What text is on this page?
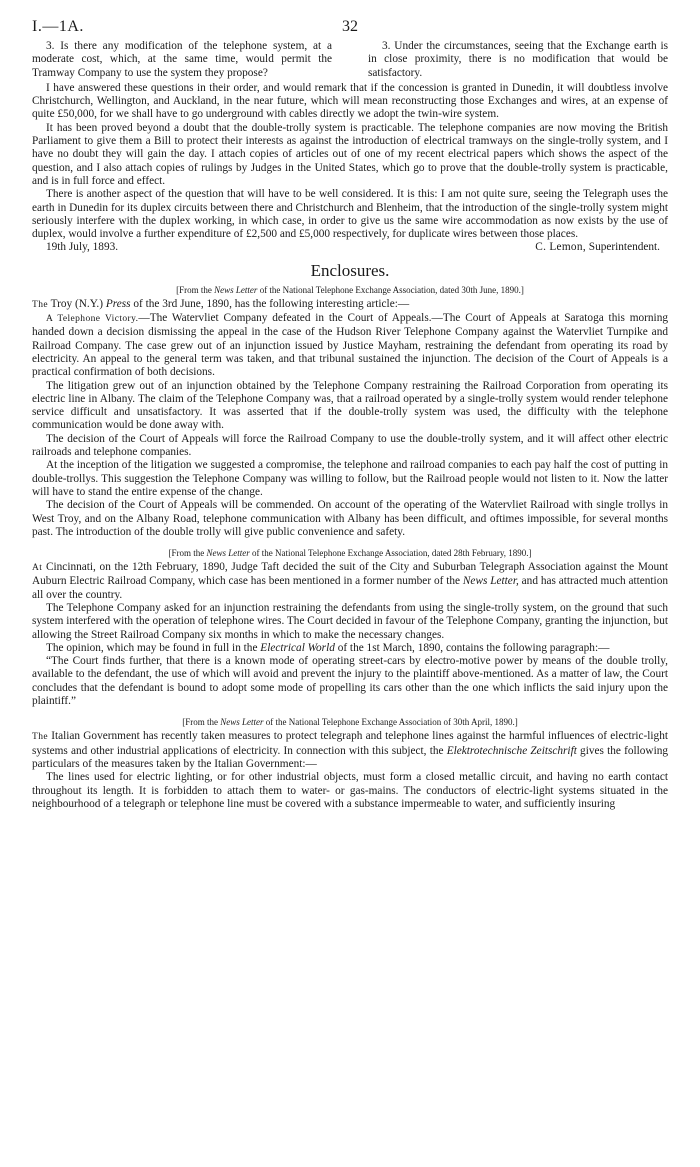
I.—1A.	32
3. Is there any modification of the telephone system, at a moderate cost, which, at the same time, would permit the Tramway Company to use the system they propose?
3. Under the circumstances, seeing that the Exchange earth is in close proximity, there is no modification that would be satisfactory.

I have answered these questions in their order, and would remark that if the concession is granted in Dunedin, it will doubtless involve Christchurch, Wellington, and Auckland, in the near future, which will mean reconstructing those Exchanges and wires, at an expense of quite £50,000, for we shall have to go underground with cables directly we adopt the twin-wire system.

It has been proved beyond a doubt that the double-trolly system is practicable. The telephone companies are now moving the British Parliament to give them a Bill to protect their interests as against the introduction of electrical tramways on the single-trolly system, and I have no doubt they will gain the day. I attach copies of articles out of one of my recent electrical papers which shows the aspect of the question, and I also attach copies of rulings by Judges in the United States, which go to prove that the double-trolly system is practicable, and is in full force and effect.

There is another aspect of the question that will have to be well considered. It is this: I am not quite sure, seeing the Telegraph uses the earth in Dunedin for its duplex circuits between there and Christchurch and Blenheim, that the introduction of the single-trolly system might seriously interfere with the duplex working, in which case, in order to give us the same wire accommodation as now exists by the use of duplex, would involve a further expenditure of £2,500 and £5,000 respectively, for duplicate wires between those places.

19th July, 1893.	C. Lemon, Superintendent.
Enclosures.
[From the News Letter of the National Telephone Exchange Association, dated 30th June, 1890.]

The Troy (N.Y.) Press of the 3rd June, 1890, has the following interesting article:—

A Telephone Victory.—The Watervliet Company defeated in the Court of Appeals.—The Court of Appeals at Saratoga this morning handed down a decision dismissing the appeal in the case of the Hudson River Telephone Company against the Watervliet Turnpike and Railroad Company. The case grew out of an injunction issued by Justice Mayham, restraining the defendant from operating its road by electricity. An appeal to the general term was taken, and that tribunal sustained the injunction. The decision of the Court of Appeals is a practical confirmation of both decisions.

The litigation grew out of an injunction obtained by the Telephone Company restraining the Railroad Corporation from operating its electric line in Albany. The claim of the Telephone Company was, that a railroad operated by a single-trolly system would render telephone service difficult and unsatisfactory. It was asserted that if the double-trolly system was used, the difficulty with the telephone communication would be done away with.

The decision of the Court of Appeals will force the Railroad Company to use the double-trolly system, and it will affect other electric railroads and telephone companies.

At the inception of the litigation we suggested a compromise, the telephone and railroad companies to each pay half the cost of putting in double-trollys. This suggestion the Telephone Company was willing to follow, but the Railroad people would not listen to it. Now the latter will have to stand the entire expense of the change.

The decision of the Court of Appeals will be commended. On account of the operating of the Watervliet Railroad with single trollys in West Troy, and on the Albany Road, telephone communication with Albany has been difficult, and oftimes impossible, for several months past. The introduction of the double trolly will give public convenience and safety.

[From the News Letter of the National Telephone Exchange Association, dated 28th February, 1890.]

At Cincinnati, on the 12th February, 1890, Judge Taft decided the suit of the City and Suburban Telegraph Association against the Mount Auburn Electric Railroad Company, which case has been mentioned in a former number of the News Letter, and has attracted much attention all over the country.

The Telephone Company asked for an injunction restraining the defendants from using the single-trolly system, on the ground that such system interfered with the operation of telephone wires. The Court decided in favour of the Telephone Company, granting the injunction, but allowing the Street Railroad Company six months in which to make the necessary changes.

The opinion, which may be found in full in the Electrical World of the 1st March, 1890, contains the following paragraph:—

“The Court finds further, that there is a known mode of operating street-cars by electro-motive power by means of the double trolly, available to the defendant, the use of which will avoid and prevent the injury to the plaintiff above-mentioned. As a matter of law, the Court concludes that the defendant is bound to adopt some mode of propelling its cars other than the one which inflicts the said injury upon the plaintiff.”

[From the News Letter of the National Telephone Exchange Association of 30th April, 1890.]

The Italian Government has recently taken measures to protect telegraph and telephone lines against the harmful influences of electric-light systems and other industrial applications of electricity. In connection with this subject, the Elektrotechnische Zeitschrift gives the following particulars of the measures taken by the Italian Government:—

The lines used for electric lighting, or for other industrial objects, must form a closed metallic circuit, and having no earth contact throughout its length. It is forbidden to attach them to water- or gas-mains. The conductors of electric-light systems situated in the neighbourhood of a telegraph or telephone line must be covered with a substance impermeable to water, and sufficiently insuring
